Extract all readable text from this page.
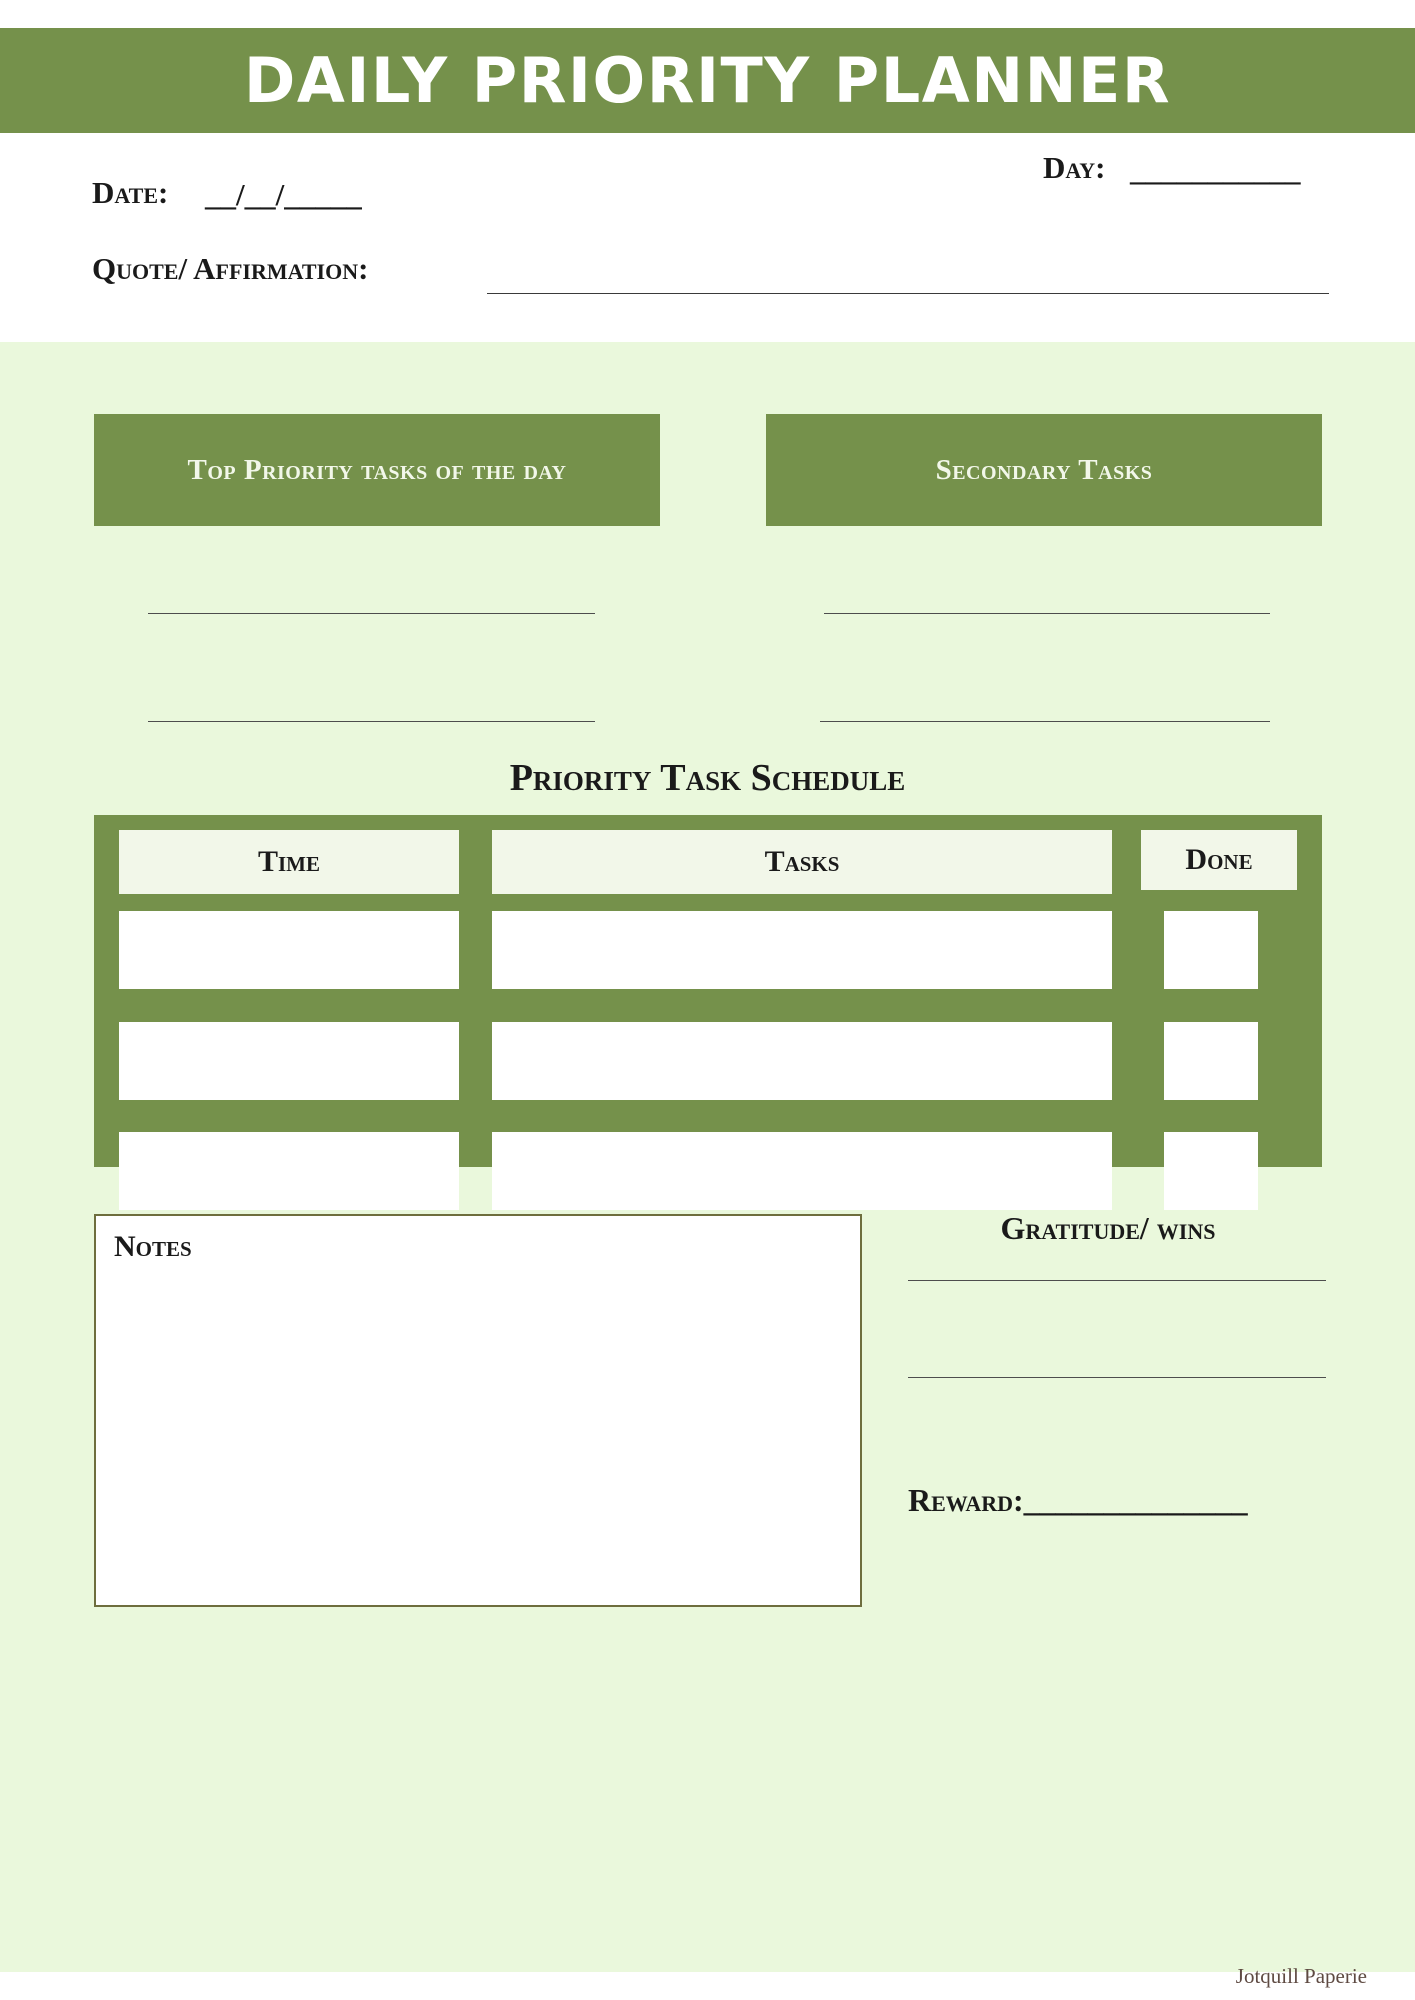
DAILY PRIORITY PLANNER
Date: __/__/_____
Day: ___________
Quote/ Affirmation:
Top Priority tasks of the day	Secondary Tasks
Priority Task Schedule
Time	Tasks	Done
Notes
Gratitude/ wins
Reward:______________
Jotquill Paperie
